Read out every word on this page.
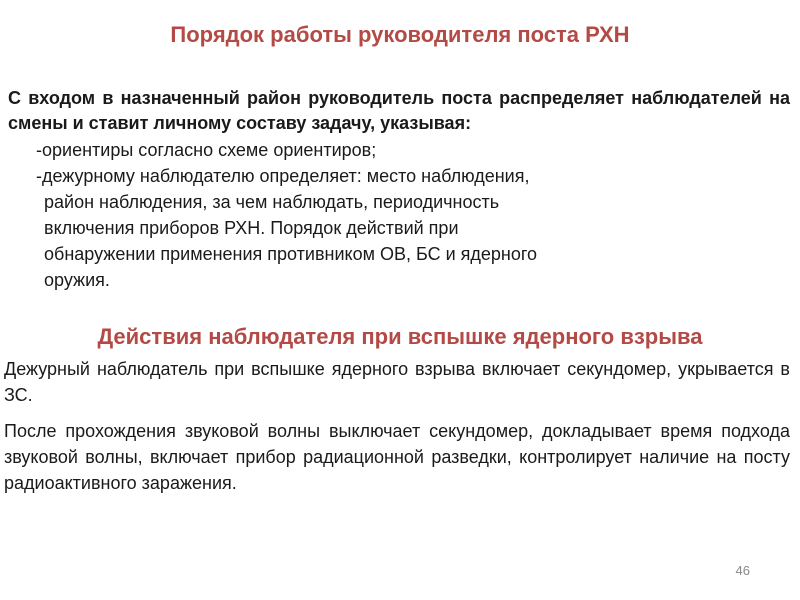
Порядок работы руководителя поста РХН
С входом в назначенный район руководитель поста распределяет наблюдателей на смены и ставит личному составу задачу, указывая:
-ориентиры согласно схеме ориентиров;
-дежурному наблюдателю определяет: место наблюдения,
район наблюдения, за чем наблюдать, периодичность
включения приборов РХН. Порядок действий при
обнаружении применения противником ОВ, БС и ядерного
оружия.
Действия наблюдателя при вспышке ядерного взрыва

Дежурный наблюдатель при вспышке ядерного взрыва включает секундомер, укрывается в ЗС.

После прохождения звуковой волны выключает секундомер, докладывает время подхода звуковой волны, включает прибор радиационной разведки, контролирует наличие на посту радиоактивного заражения.

46
